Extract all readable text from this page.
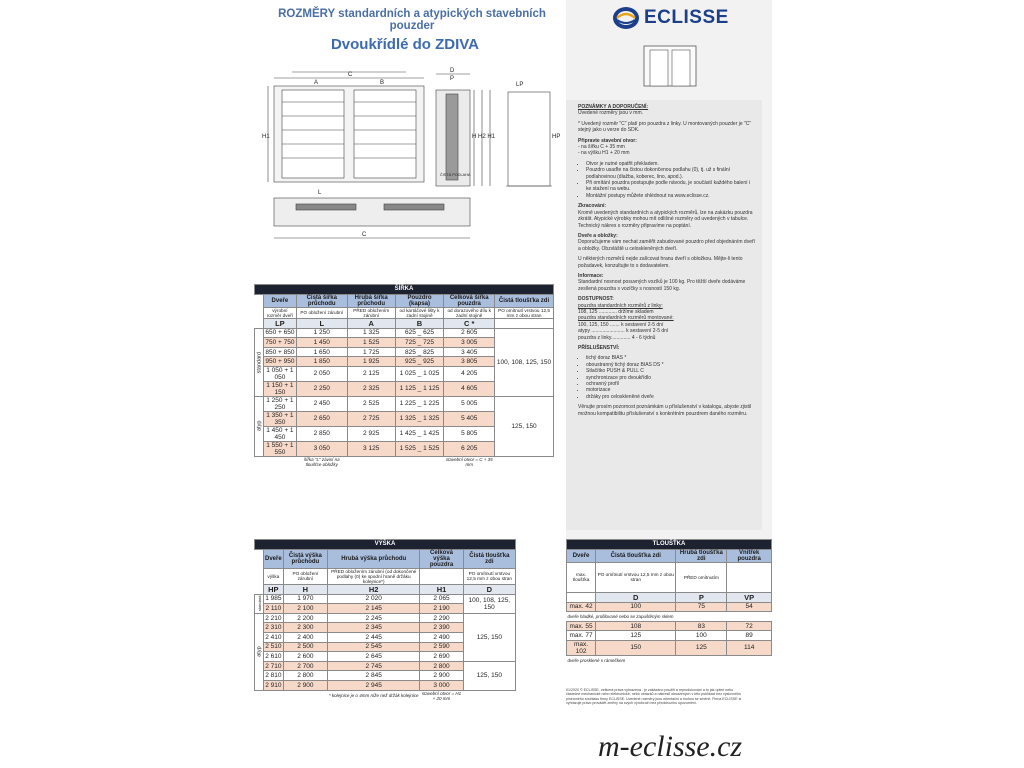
ROZMĚRY standardních a atypických stavebních pouzder
Dvoukřídlé do ZDIVA
ECLISSE
C
A	B
H1
D
P
H H2 H1
LP
HP
C
L
ČISTÁ PODLAHA

POZNÁMKY A DOPORUČENÍ:
Uvedené rozměry jsou v mm.

* Uvedený rozměr "C" platí pro pouzdra z linky. U montovaných pouzder je "C" stejný jako u verze do SDK.

Připravte stavební otvor:
- na šířku C + 35 mm
- na výšku H1 + 20 mm

• Otvor je nutné opatřit překladem.
• Pouzdro usaďte na čistou dokončenou podlahu (0), tj. už s finální podlahovinou (dlažba, koberec, lino, apod.).
• Při omítání pouzdra postupujte podle návodu, je součástí každého balení i ke stažení na webu.
• Montážní postupy můžete shlédnout na www.eclisse.cz.

Zkracování:
Kromě uvedených standardních a atypických rozměrů, lze na zakázku pouzdra zkrátit. Atypické výrobky mohou mít odlišné rozměry od uvedených v tabulce. Technický nákres s rozměry připravíme na poptání.

Dveře a obložky:
Doporučujeme vám nechat zaměřit zabudované pouzdro před objednáním dveří a obložky. Obzvláště u celoskleněných dveří.

U některých rozměrů nejde zalícovat hranu dveří s obložkou. Mějte-li tento požadavek, konzultujte to s dodavatelem.

Informace:
Standardní nosnost posuvných vozíků je 100 kg. Pro těžší dveře dodáváme zesílená pouzdra s vozíčky s nosností 150 kg.

DOSTUPNOST:
pouzdra standardních rozměrů z linky:
108, 125 ............. držíme skladem
pouzdra standardních rozměrů montované:
100, 125, 150 ....... k sestavení 2-5 dní
atypy ........................ k sestavení 2-5 dní
pouzdra z linky.............. 4 - 6 týdnů

PŘÍSLUŠENSTVÍ:

• tichý doraz BIAS *
• oboustranný tichý doraz BIAS DS *
• Stlačítko PUSH & PULL C
• synchronizace pro dvoukřídlo
• ochranný profil
• motorizace
• držáky pro celoskleněné dveře

Věnujte prosím pozornost poznámkám u příslušenství v katalogu, abyste zjistil možnou kompatibilitu příslušenství s konkrétním pouzdrem daného rozměru.

ŠÍŘKA						
	Dveře	Čistá šířka průchodu	Hrubá šířka průchodu	Pouzdro (kapsa)	Celková šířka pouzdra	Čistá tloušťka zdi
	výrobní rozměr dveří	PO obložení zárubní	PŘED obložením zárubní	od kartáčové lišty k zadní stojině	od dorazového dílu k zadní stojině	PO omítnutí vrstvou 12,5 mm z obou stran
	LP	L	A	B	C *	
standard	650 + 650	1 250	1 325	625 _ 625	2 605	100, 108, 125, 150
	750 + 750	1 450	1 525	725 _ 725	3 005	
	850 + 850	1 650	1 725	825 _ 825	3 405	
	950 + 950	1 850	1 925	925 _ 925	3 805	
	1 050 + 1 050	2 050	2 125	1 025 _ 1 025	4 205	
	1 150 + 1 150	2 250	2 325	1 125 _ 1 125	4 605	
atyp	1 250 + 1 250	2 450	2 525	1 225 _ 1 225	5 005	125, 150
	1 350 + 1 350	2 650	2 725	1 325 _ 1 325	5 405	
	1 450 + 1 450	2 850	2 925	1 425 _ 1 425	5 805	
	1 550 + 1 550	3 050	3 125	1 525 _ 1 525	6 205	
		šířka "L" závisí na tloušťce obložky			stavební otvor = C + 35 mm	
VÝŠKA					
	Dveře	Čistá výška průchodu	Hrubá výška průchodu	Celková výška pouzdra	Čistá tloušťka zdi
	výška	PO obložení zárubní	PŘED obložením zárubní (od dokončené podlahy (0) ke spodní hraně držáku kolejnice*)		PO omítnutí vrstvou 12,5 mm z obou stran
	HP	H	H2	H1	D
standard	1 985	1 970	2 020	2 065	100, 108, 125, 150
	2 110	2 100	2 145	2 190	
atyp	2 210	2 200	2 245	2 290	125, 150
	2 310	2 300	2 345	2 390	
	2 410	2 400	2 445	2 490	
	2 510	2 500	2 545	2 590	
	2 610	2 600	2 645	2 690	
	2 710	2 700	2 745	2 800	125, 150
	2 810	2 800	2 845	2 900	
	2 910	2 900	2 945	3 000	
			* kolejnice je o 4mm níže než držák kolejnice	stavební otvor = H1 + 20 mm	
TLOUŠŤKA			
Dveře	Čistá tloušťka zdi	Hrubá tloušťka zdi	Vnitřek pouzdra
max. tloušťka	PO omítnutí vrstvou 12,5 mm z obou stran	PŘED omítnutím	
	D	P	VP
max. 42	100	75	54
dveře hladké, profilované nebo se zapuštěným sklem			
max. 55	108	83	72
max. 77	125	100	89
max. 102	150	125	114
dveře prosklené s rámečkem			
01/2020 © ECLISSE, veškerá práva vyhrazena - je zakázáno použití a reprodukování a to jak úplné nebo částečné mechanické nebo elektronické, nebo obrázků a nákresů obsažených v této publikaci bez výslovného písemného souhlasu firmy ECLISSE. Uvedené rozměry jsou orientační a mohou se změnit. Firma ECLISSE si vyhrazuje právo provádět změny na svých výrobcích bez předchozího upozornění.
m-eclisse.cz
